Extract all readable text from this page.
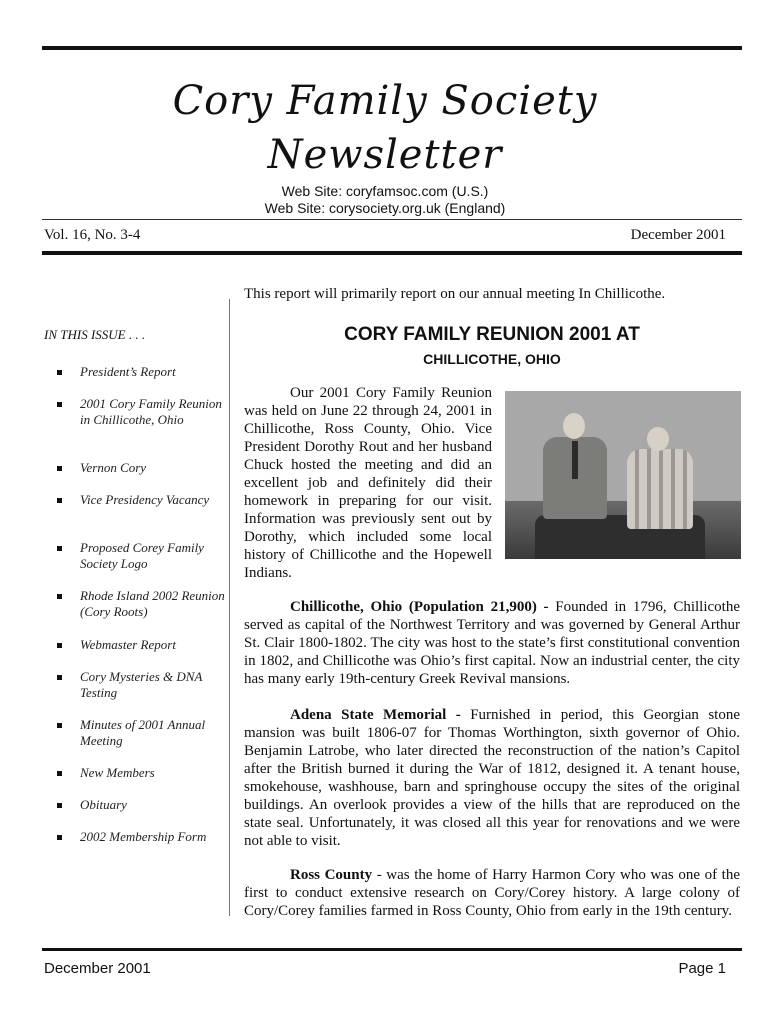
Cory Family Society
Newsletter
Web Site: coryfamsoc.com (U.S.)
Web Site: corysociety.org.uk (England)
Vol. 16, No. 3-4	December 2001
This report will primarily report on our annual meeting In Chillicothe.
IN THIS ISSUE . . .
President’s Report
2001 Cory Family Reunion in Chillicothe, Ohio
Vernon Cory
Vice Presidency Vacancy
Proposed Corey Family Society Logo
Rhode Island 2002 Reunion (Cory Roots)
Webmaster Report
Cory Mysteries & DNA Testing
Minutes of 2001 Annual Meeting
New Members
Obituary
2002 Membership Form
CORY FAMILY REUNION 2001 AT
CHILLICOTHE, OHIO

Our 2001 Cory Family Reunion was held on June 22 through 24, 2001 in Chillicothe, Ross County, Ohio. Vice President Dorothy Rout and her husband Chuck hosted the meeting and did an excellent job and definitely did their homework in preparing for our visit. Information was previously sent out by Dorothy, which included some local history of Chillicothe and the Hopewell Indians.

Chillicothe, Ohio (Population 21,900) - Founded in 1796, Chillicothe served as capital of the Northwest Territory and was governed by General Arthur St. Clair 1800-1802. The city was host to the state’s first constitutional convention in 1802, and Chillicothe was Ohio’s first capital. Now an industrial center, the city has many early 19th-century Greek Revival mansions.

Adena State Memorial - Furnished in period, this Georgian stone mansion was built 1806-07 for Thomas Worthington, sixth governor of Ohio. Benjamin Latrobe, who later directed the reconstruction of the nation’s Capitol after the British burned it during the War of 1812, designed it. A tenant house, smokehouse, washhouse, barn and springhouse occupy the sites of the original buildings. An overlook provides a view of the hills that are reproduced on the state seal. Unfortunately, it was closed all this year for renovations and we were not able to visit.

Ross County - was the home of Harry Harmon Cory who was one of the first to conduct extensive research on Cory/Corey history. A large colony of Cory/Corey families farmed in Ross County, Ohio from early in the 19th century.

December 2001	Page 1
